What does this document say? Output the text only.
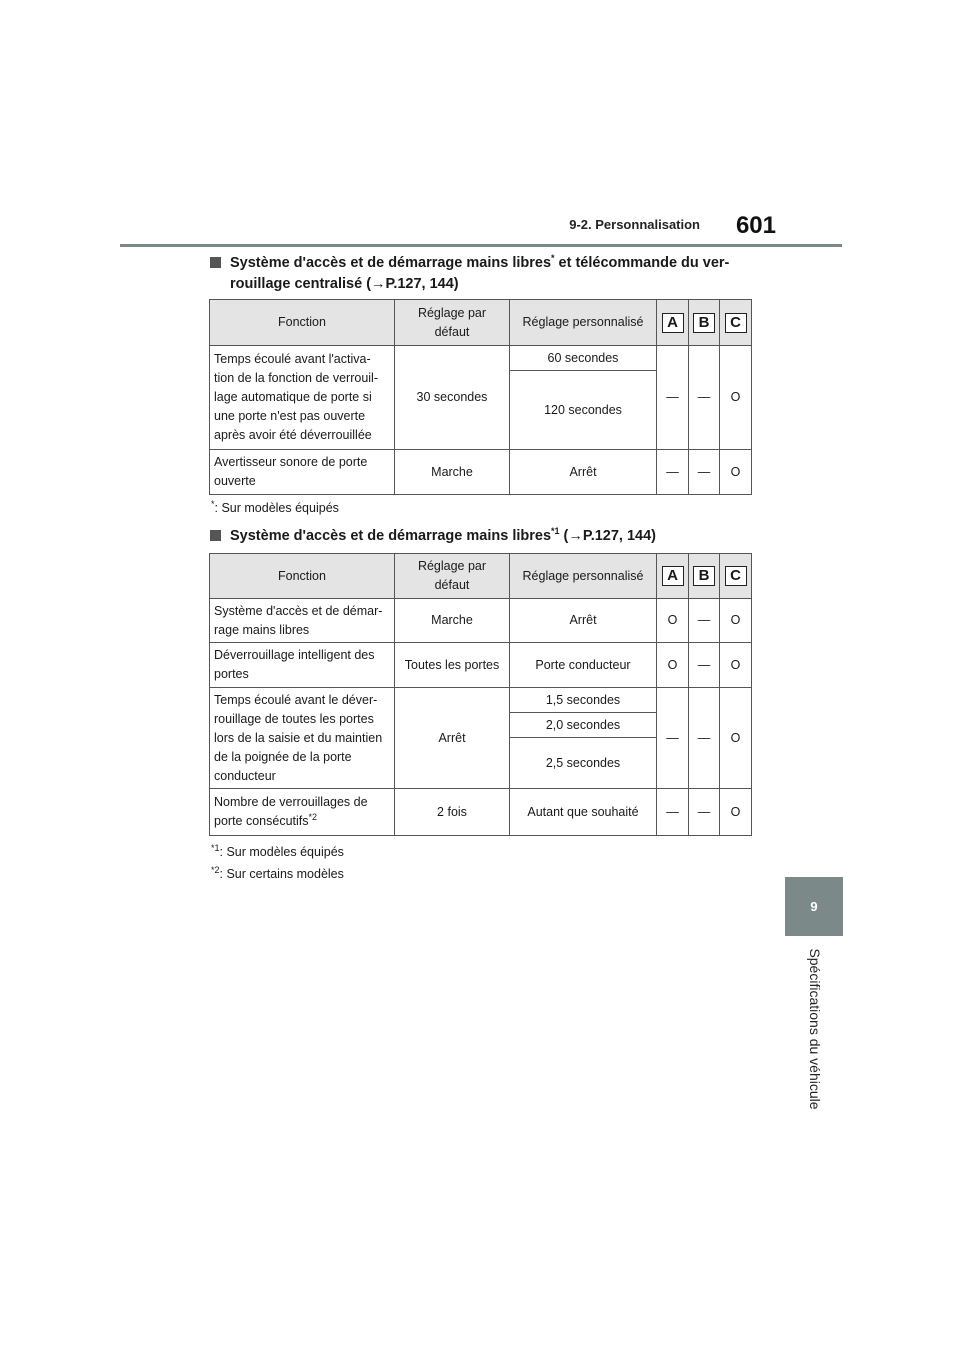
9-2. Personnalisation	601
9
Spécifications du véhicule
Système d'accès et de démarrage mains libres* et télécommande du ver-
rouillage centralisé (→P.127, 144)
Fonction	Réglage par
défaut	Réglage personnalisé	A	B	C

Temps écoulé avant l'activa-
tion de la fonction de verrouil-
lage automatique de porte si
une porte n'est pas ouverte
après avoir été déverrouillée	30 secondes	60 secondes	—	—	O
		120 secondes			

Avertisseur sonore de porte
ouverte	Marche	Arrêt	—	—	O
*: Sur modèles équipés
Système d'accès et de démarrage mains libres$^{*1}$ (→P.127, 144)
Fonction	Réglage par
défaut	Réglage personnalisé	A	B	C

Système d'accès et de démar-
rage mains libres	Marche	Arrêt	O	—	O

Déverrouillage intelligent des
portes	Toutes les portes	Porte conducteur	O	—	O

Temps écoulé avant le déver-
rouillage de toutes les portes
lors de la saisie et du maintien
de la poignée de la porte
conducteur	Arrêt	1,5 secondes	—	—	O
		2,0 secondes			
		2,5 secondes			

Nombre de verrouillages de
porte consécutifs$^{*2}$	2 fois	Autant que souhaité	—	—	O
$^{*1}$: Sur modèles équipés
$^{*2}$: Sur certains modèles
